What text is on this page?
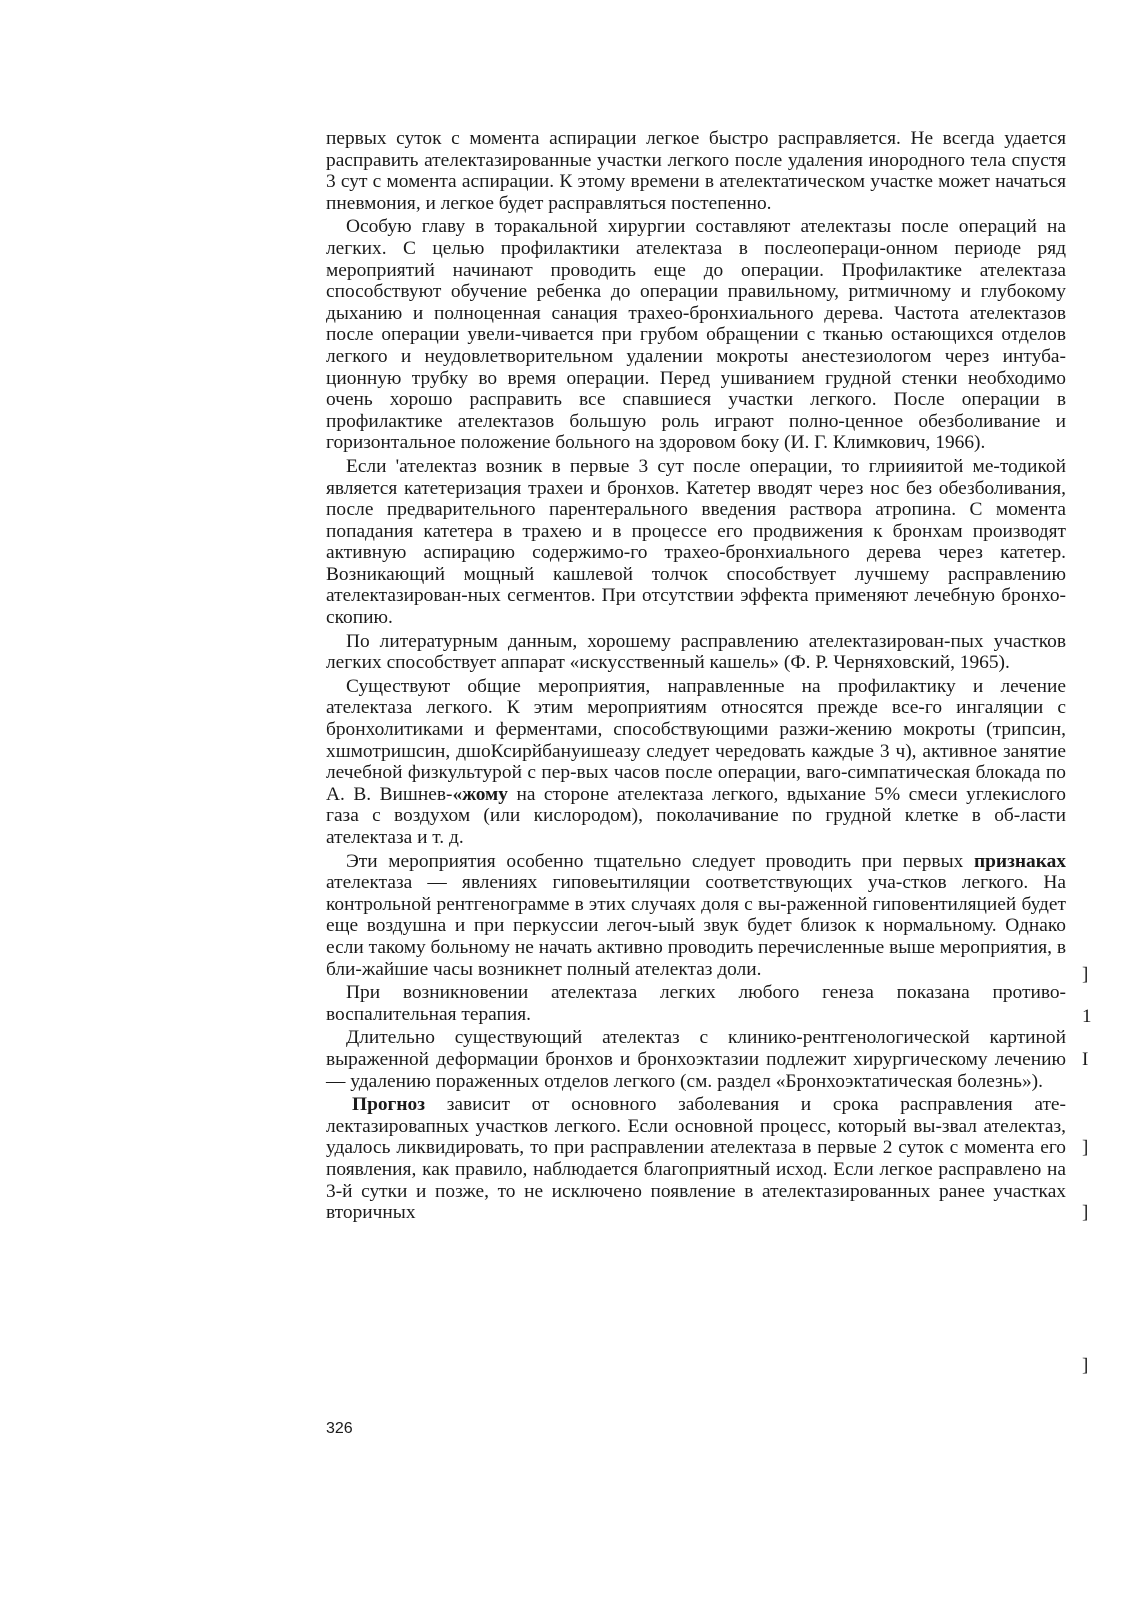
первых суток с момента аспирации легкое быстро расправляется. Не всегда удается расправить ателектазированные участки легкого после удаления инородного тела спустя 3 сут с момента аспирации. К этому времени в ателектатическом участке может начаться пневмония, и легкое будет расправляться постепенно.

Особую главу в торакальной хирургии составляют ателектазы после операций на легких. С целью профилактики ателектаза в послеопераци-онном периоде ряд мероприятий начинают проводить еще до операции. Профилактике ателектаза способствуют обучение ребенка до операции правильному, ритмичному и глубокому дыханию и полноценная санация трахео-бронхиального дерева. Частота ателектазов после операции увели-чивается при грубом обращении с тканью остающихся отделов легкого и неудовлетворительном удалении мокроты анестезиологом через интуба-ционную трубку во время операции. Перед ушиванием грудной стенки необходимо очень хорошо расправить все спавшиеся участки легкого. После операции в профилактике ателектазов большую роль играют полно-ценное обезболивание и горизонтальное положение больного на здоровом боку (И. Г. Климкович, 1966).

Если 'ателектаз возник в первые 3 сут после операции, то глриияитой ме-тодикой является катетеризация трахеи и бронхов. Катетер вводят через нос без обезболивания, после предварительного парентерального введения раствора атропина. С момента попадания катетера в трахею и в процессе его продвижения к бронхам производят активную аспирацию содержимо-го трахео-бронхиального дерева через катетер. Возникающий мощный кашлевой толчок способствует лучшему расправлению ателектазирован-ных сегментов. При отсутствии эффекта применяют лечебную бронхо-скопию.

По литературным данным, хорошему расправлению ателектазирован-пых участков легких способствует аппарат «искусственный кашель» (Ф. Р. Черняховский, 1965).

Существуют общие мероприятия, направленные на профилактику и лечение ателектаза легкого. К этим мероприятиям относятся прежде все-го ингаляции с бронхолитиками и ферментами, способствующими разжи-жению мокроты (трипсин, хшмотришсин, дшоКсирйбануишеазу следует чередовать каждые 3 ч), активное занятие лечебной физкультурой с пер-вых часов после операции, ваго-симпатическая блокада по А. В. Вишнев-«жому на стороне ателектаза легкого, вдыхание 5% смеси углекислого газа с воздухом (или кислородом), поколачивание по грудной клетке в об-ласти ателектаза и т. д.

Эти мероприятия особенно тщательно следует проводить при первых признаках ателектаза — явлениях гиповеытиляции соответствующих уча-стков легкого. На контрольной рентгенограмме в этих случаях доля с вы-раженной гиповентиляцией будет еще воздушна и при перкуссии легоч-ыый звук будет близок к нормальному. Однако если такому больному не начать активно проводить перечисленные выше мероприятия, в бли-жайшие часы возникнет полный ателектаз доли.

При возникновении ателектаза легких любого генеза показана противо-воспалительная терапия.

Длительно существующий ателектаз с клинико-рентгенологической картиной выраженной деформации бронхов и бронхоэктазии подлежит хирургическому лечению — удалению пораженных отделов легкого (см. раздел «Бронхоэктатическая болезнь»).

Прогноз зависит от основного заболевания и срока расправления ате-лектазировапных участков легкого. Если основной процесс, который вы-звал ателектаз, удалось ликвидировать, то при расправлении ателектаза в первые 2 суток с момента его появления, как правило, наблюдается благоприятный исход. Если легкое расправлено на 3-й сутки и позже, то не исключено появление в ателектазированных ранее участках вторичных

]
1
I
]
]
]
326
